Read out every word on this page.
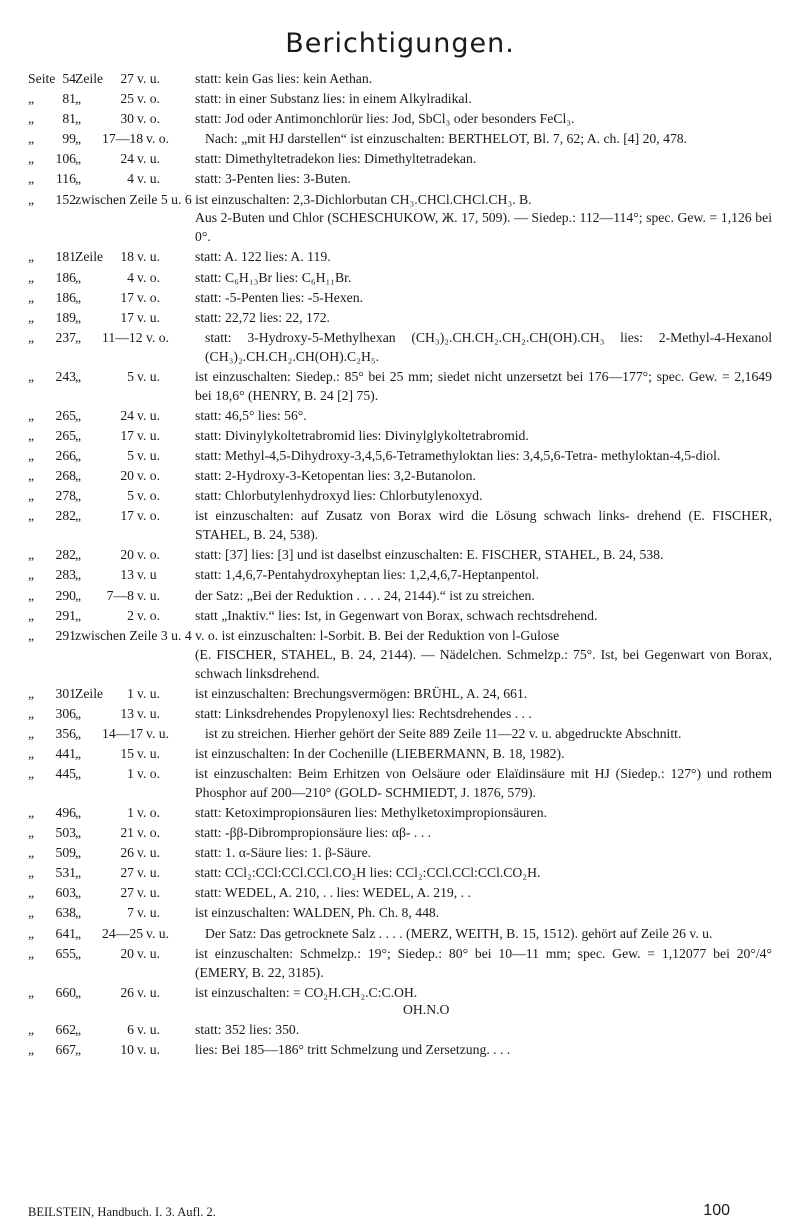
Berichtigungen.
Seite 54 Zeile	27 v. u.	statt: kein Gas lies: kein Aethan.
„	81 „	25 v. o.	statt: in einer Substanz lies: in einem Alkylradikal.
„	81 „	30 v. o.	statt: Jod oder Antimonchlorür lies: Jod, SbCl₃ oder besonders FeCl₃.
„	99 „	17—18 v. o.	Nach: „mit HJ darstellen“ ist einzuschalten: BERTHELOT, Bl. 7, 62; A. ch. [4] 20, 478.
„ 106 „	24 v. u.	statt: Dimethyltetradekon lies: Dimethyltetradekan.
„ 116 „	4 v. u.	statt: 3-Penten lies: 3-Buten.
„ 152 zwischen Zeile 5 u. 6 ist einzuschalten: 2,3-Dichlorbutan CH₃.CHCl.CHCl.CH₃. B.

Aus 2-Buten und Chlor (SCHESCHUKOW, Ж. 17, 509). — Siedep.: 112—114°; spec. Gew. = 1,126 bei 0°.
„ 181 Zeile	18 v. u.	statt: A. 122 lies: A. 119.
„ 186 „	4 v. o.	statt: C₆H₁₃Br lies: C₆H₁₁Br.
„ 186 „	17 v. o.	statt: -5-Penten lies: -5-Hexen.
„ 189 „	17 v. u.	statt: 22,72 lies: 22, 172.
„ 237 „	11—12 v. o.	statt: 3-Hydroxy-5-Methylhexan (CH₃)₂.CH.CH₂.CH₂.CH(OH).CH₃ lies: 2-Methyl-4-Hexanol (CH₃)₂.CH.CH₂.CH(OH).C₂H₅.
„ 243 „	5 v. u.	ist einzuschalten: Siedep.: 85° bei 25 mm; siedet nicht unzersetzt bei 176—177°; spec. Gew. = 2,1649 bei 18,6° (HENRY, B. 24 [2] 75).
„ 265 „	24 v. u.	statt: 46,5° lies: 56°.
„ 265 „	17 v. u.	statt: Divinylykoltetrabromid lies: Divinylglykoltetrabromid.
„ 266 „	5 v. u.	statt: Methyl-4,5-Dihydroxy-3,4,5,6-Tetramethyloktan lies: 3,4,5,6-Tetra- methyloktan-4,5-diol.
„ 268 „	20 v. o.	statt: 2-Hydroxy-3-Ketopentan lies: 3,2-Butanolon.
„ 278 „	5 v. o.	statt: Chlorbutylenhydroxyd lies: Chlorbutylenoxyd.
„ 282 „	17 v. o.	ist einzuschalten: auf Zusatz von Borax wird die Lösung schwach links- drehend (E. FISCHER, STAHEL, B. 24, 538).
„ 282 „	20 v. o.	statt: [37] lies: [3] und ist daselbst einzuschalten: E. FISCHER, STAHEL, B. 24, 538.
„ 283 „	13 v. u	statt: 1,4,6,7-Pentahydroxyheptan lies: 1,2,4,6,7-Heptanpentol.
„ 290 „	7—8 v. u.	der Satz: „Bei der Reduktion . . . . 24, 2144).“ ist zu streichen.
„ 291 „	2 v. o.	statt „Inaktiv.“ lies: Ist, in Gegenwart von Borax, schwach rechtsdrehend.
„ 291 zwischen Zeile 3 u. 4 v. o. ist einzuschalten: l-Sorbit. B. Bei der Reduktion von l-Gulose

(E. FISCHER, STAHEL, B. 24, 2144). — Nädelchen. Schmelzp.: 75°. Ist, bei Gegenwart von Borax, schwach linksdrehend.
„ 301 Zeile	1 v. u.	ist einzuschalten: Brechungsvermögen: BRÜHL, A. 24, 661.
„ 306 „	13 v. u.	statt: Linksdrehendes Propylenoxyl lies: Rechtsdrehendes . . .
„ 356 „	14—17 v. u.	ist zu streichen. Hierher gehört der Seite 889 Zeile 11—22 v. u. abgedruckte Abschnitt.
„ 441 „	15 v. u.	ist einzuschalten: In der Cochenille (LIEBERMANN, B. 18, 1982).
„ 445 „	1 v. o.	ist einzuschalten: Beim Erhitzen von Oelsäure oder Elaïdinsäure mit HJ (Siedep.: 127°) und rothem Phosphor auf 200—210° (GOLD- SCHMIEDT, J. 1876, 579).
„ 496 „	1 v. o.	statt: Ketoximpropionsäuren lies: Methylketoximpropionsäuren.
„ 503 „	21 v. o.	statt: -ββ-Dibrompropionsäure lies: αβ- . . .
„ 509 „	26 v. u.	statt: 1. α-Säure lies: 1. β-Säure.
„ 531 „	27 v. u.	statt: CCl₂:CCl:CCl.CCl.CO₂H lies: CCl₂:CCl.CCl:CCl.CO₂H.
„ 603 „	27 v. u.	statt: WEDEL, A. 210, . . lies: WEDEL, A. 219, . .
„ 638 „	7 v. u.	ist einzuschalten: WALDEN, Ph. Ch. 8, 448.
„ 641 „	24—25 v. u.	Der Satz: Das getrocknete Salz . . . . (MERZ, WEITH, B. 15, 1512). gehört auf Zeile 26 v. u.
„ 655 „	20 v. u.	ist einzuschalten: Schmelzp.: 19°; Siedep.: 80° bei 10—11 mm; spec. Gew. = 1,12077 bei 20°/4° (EMERY, B. 22, 3185).
„ 660 „	26 v. u.	ist einzuschalten: = CO₂H.CH₂.C:C.OH.
OH.N.O
„ 662 „	6 v. u.	statt: 352 lies: 350.
„ 667 „	10 v. u.	lies: Bei 185—186° tritt Schmelzung und Zersetzung. . . .
BEILSTEIN, Handbuch. I. 3. Aufl. 2.	100
